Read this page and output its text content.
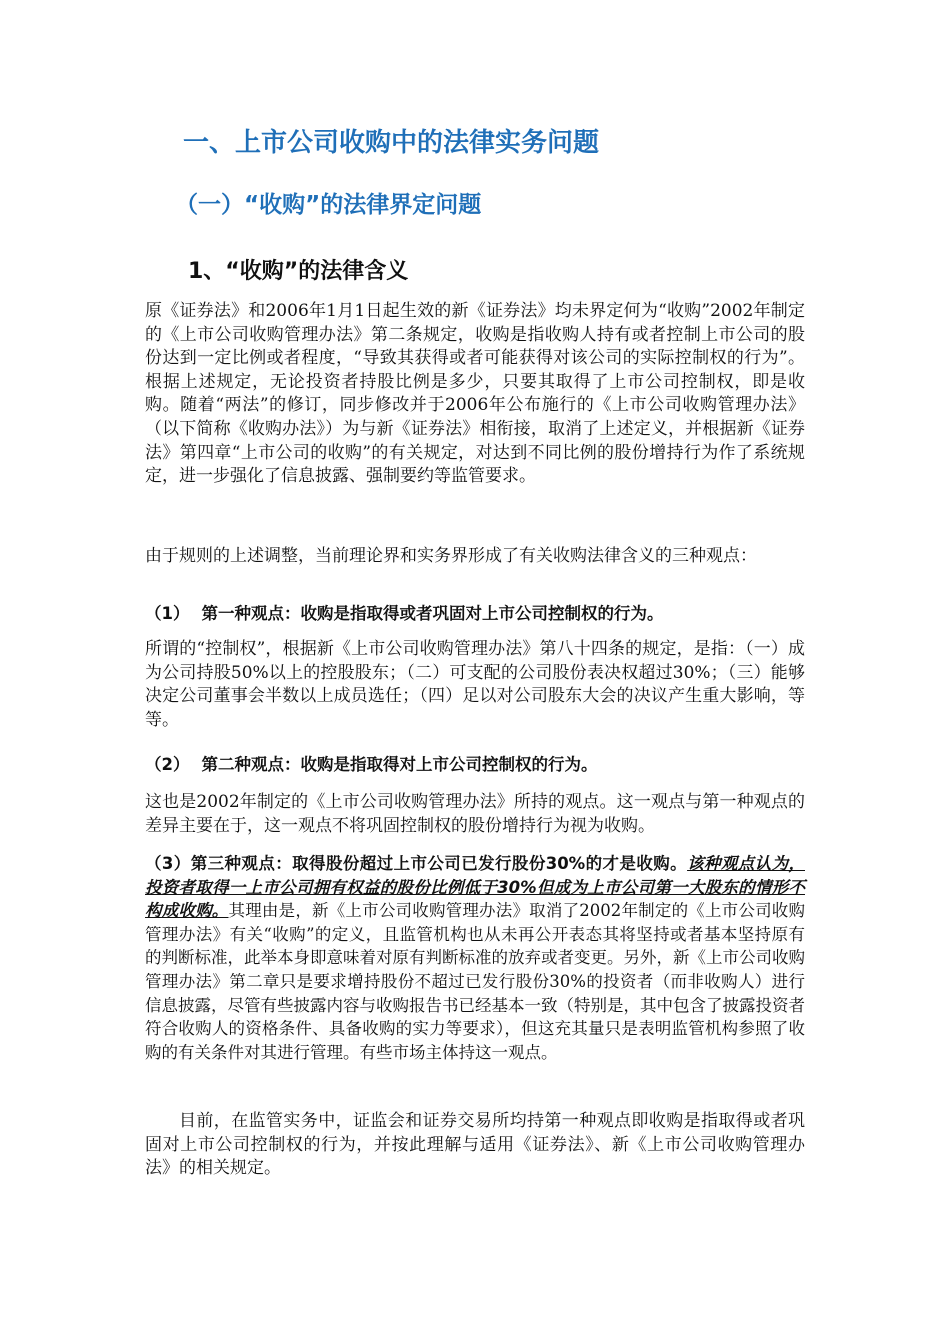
一、上市公司收购中的法律实务问题
（一）“收购”的法律界定问题
1、“收购”的法律含义
原《证券法》和2006年1月1日起生效的新《证券法》均未界定何为“收购”2002年制定的《上市公司收购管理办法》第二条规定，收购是指收购人持有或者控制上市公司的股份达到一定比例或者程度，“导致其获得或者可能获得对该公司的实际控制权的行为”。根据上述规定，无论投资者持股比例是多少，只要其取得了上市公司控制权，即是收购。随着“两法”的修订，同步修改并于2006年公布施行的《上市公司收购管理办法》（以下简称《收购办法》）为与新《证券法》相衔接，取消了上述定义，并根据新《证券法》第四章“上市公司的收购”的有关规定，对达到不同比例的股份增持行为作了系统规定，进一步强化了信息披露、强制要约等监管要求。
由于规则的上述调整，当前理论界和实务界形成了有关收购法律含义的三种观点：
（1） 第一种观点：收购是指取得或者巩固对上市公司控制权的行为。
所谓的“控制权”，根据新《上市公司收购管理办法》第八十四条的规定，是指：（一）成为公司持股50%以上的控股股东；（二）可支配的公司股份表决权超过30%；（三）能够决定公司董事会半数以上成员选任；（四）足以对公司股东大会的决议产生重大影响，等等。
（2） 第二种观点：收购是指取得对上市公司控制权的行为。
这也是2002年制定的《上市公司收购管理办法》所持的观点。这一观点与第一种观点的差异主要在于，这一观点不将巩固控制权的股份增持行为视为收购。
（3）第三种观点：取得股份超过上市公司已发行股份30%的才是收购。该种观点认为，投资者取得一上市公司拥有权益的股份比例低于30%但成为上市公司第一大股东的情形不构成收购。其理由是，新《上市公司收购管理办法》取消了2002年制定的《上市公司收购管理办法》有关“收购”的定义，且监管机构也从未再公开表态其将坚持或者基本坚持原有的判断标准，此举本身即意味着对原有判断标准的放弃或者变更。另外，新《上市公司收购管理办法》第二章只是要求增持股份不超过已发行股份30%的投资者（而非收购人）进行信息披露，尽管有些披露内容与收购报告书已经基本一致（特别是，其中包含了披露投资者符合收购人的资格条件、具备收购的实力等要求），但这充其量只是表明监管机构参照了收购的有关条件对其进行管理。有些市场主体持这一观点。
目前，在监管实务中，证监会和证券交易所均持第一种观点即收购是指取得或者巩固对上市公司控制权的行为，并按此理解与适用《证券法》、新《上市公司收购管理办法》的相关规定。
